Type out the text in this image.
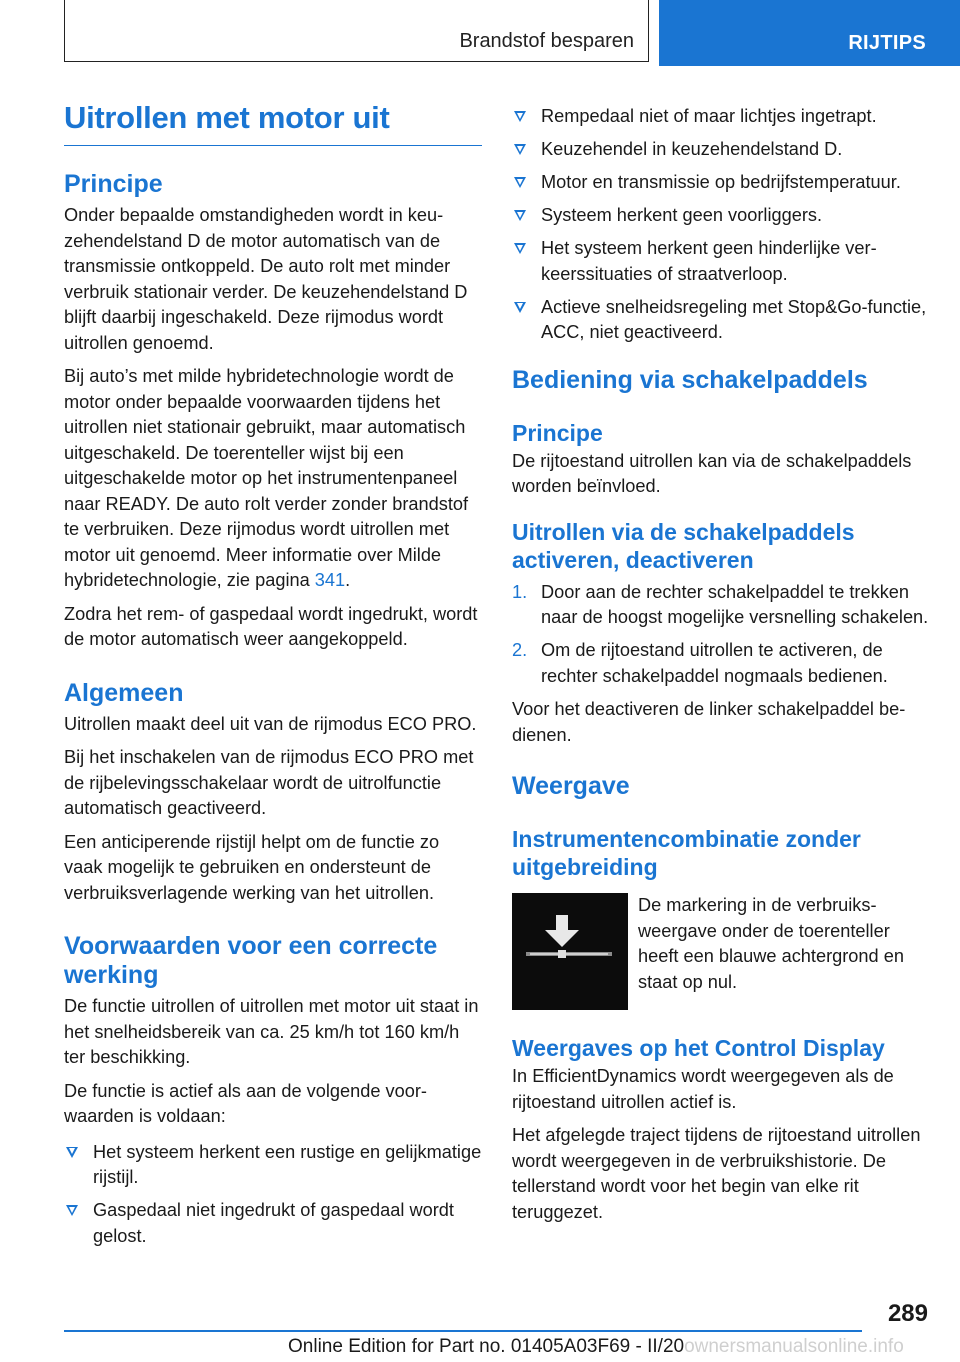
Brandstof besparen	RIJTIPS
Uitrollen met motor uit
Principe

Onder bepaalde omstandigheden wordt in keuzehendelstand D de motor automatisch van de transmissie ontkoppeld. De auto rolt met minder verbruik stationair verder. De keuzehendelstand D blijft daarbij ingeschakeld. Deze rijmodus wordt uitrollen genoemd.

Bij auto’s met milde hybridetechnologie wordt de motor onder bepaalde voorwaarden tijdens het uitrollen niet stationair gebruikt, maar automatisch uitgeschakeld. De toerenteller wijst bij een uitgeschakelde motor op het instrumentenpaneel naar READY. De auto rolt verder zonder brandstof te verbruiken. Deze rijmodus wordt uitrollen met motor uit genoemd. Meer informatie over Milde hybridetechnologie, zie pagina 341.

Zodra het rem- of gaspedaal wordt ingedrukt, wordt de motor automatisch weer aangekoppeld.

Algemeen

Uitrollen maakt deel uit van de rijmodus ECO PRO.

Bij het inschakelen van de rijmodus ECO PRO met de rijbelevingsschakelaar wordt de uitrolfunctie automatisch geactiveerd.

Een anticiperende rijstijl helpt om de functie zo vaak mogelijk te gebruiken en ondersteunt de verbruiksverlagende werking van het uitrollen.

Voorwaarden voor een correcte werking

De functie uitrollen of uitrollen met motor uit staat in het snelheidsbereik van ca. 25 km/h tot 160 km/h ter beschikking.

De functie is actief als aan de volgende voorwaarden is voldaan:

Het systeem herkent een rustige en gelijkmatige rijstijl.
Gaspedaal niet ingedrukt of gaspedaal wordt gelost.
Rempedaal niet of maar lichtjes ingetrapt.
Keuzehendel in keuzehendelstand D.
Motor en transmissie op bedrijfstemperatuur.
Systeem herkent geen voorliggers.
Het systeem herkent geen hinderlijke verkeerssituaties of straatverloop.
Actieve snelheidsregeling met Stop&Go-functie, ACC, niet geactiveerd.
Bediening via schakelpaddels
Principe

De rijtoestand uitrollen kan via de schakelpaddels worden beïnvloed.

Uitrollen via de schakelpaddels activeren, deactiveren
1. Door aan de rechter schakelpaddel te trekken naar de hoogst mogelijke versnelling schakelen.
2. Om de rijtoestand uitrollen te activeren, de rechter schakelpaddel nogmaals bedienen.

Voor het deactiveren de linker schakelpaddel bedienen.

Weergave
Instrumentencombinatie zonder uitgebreiding

De markering in de verbruiksweergave onder de toerenteller heeft een blauwe achtergrond en staat op nul.

Weergaves op het Control Display

In EfficientDynamics wordt weergegeven als de rijtoestand uitrollen actief is.

Het afgelegde traject tijdens de rijtoestand uitrollen wordt weergegeven in de verbruikshistorie. De tellerstand wordt voor het begin van elke rit teruggezet.

289
Online Edition for Part no. 01405A03F69 - II/20ownersmanualsonline.info
